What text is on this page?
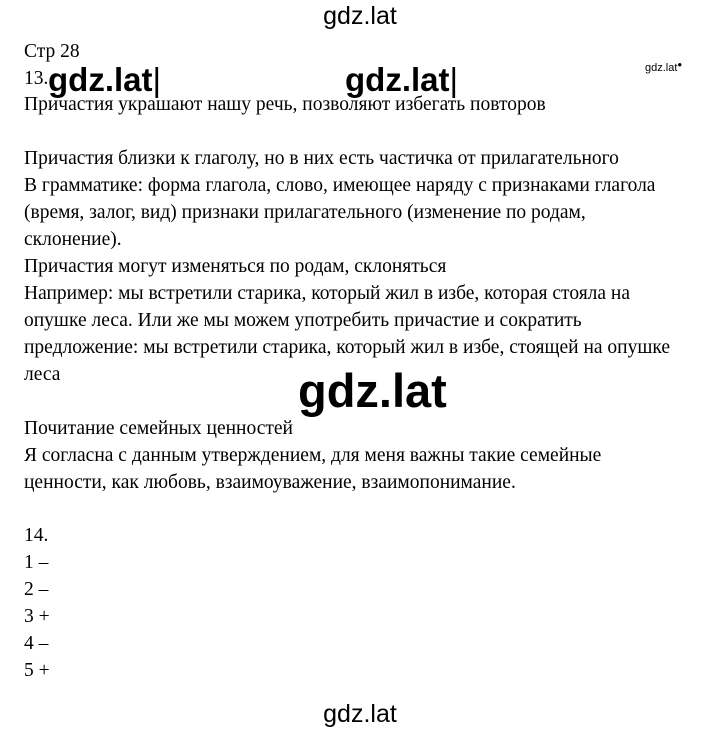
gdz.lat
Стр 28
13. gdz.lat|	gdz.lat|	gdz.lat●
Причастия украшают нашу речь, позволяют избегать повторов
Причастия близки к глаголу, но в них есть частичка от прилагательного
В грамматике: форма глагола, слово, имеющее наряду с признаками глагола
(время, залог, вид) признаки прилагательного (изменение по родам,
склонение).
Причастия могут изменяться по родам, склоняться
Например: мы встретили старика, который жил в избе, которая стояла на
опушке леса. Или же мы можем употребить причастие и сократить
предложение: мы встретили старика, который жил в избе, стоящей на опушке
леса	gdz.lat
Почитание семейных ценностей
Я согласна с данным утверждением, для меня важны такие семейные
ценности, как любовь, взаимоуважение, взаимопонимание.
14.
1 –
2 –
3 +
4 –
5 +
gdz.lat
